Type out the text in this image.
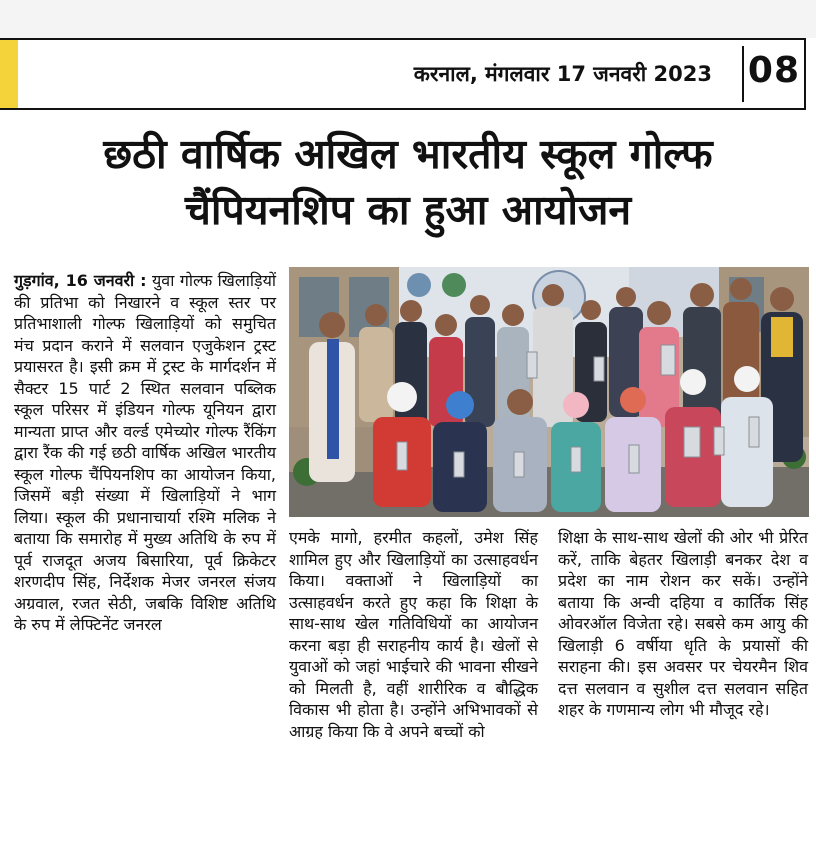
करनाल, मंगलवार 17 जनवरी 2023 08
छठी वार्षिक अखिल भारतीय स्कूल गोल्फ
चैंपियनशिप का हुआ आयोजन
गुड़गांव, 16 जनवरी : युवा गोल्फ खिलाड़ियों की प्रतिभा को निखारने व स्कूल स्तर पर प्रतिभाशाली गोल्फ खिलाड़ियों को समुचित मंच प्रदान कराने में सलवान एजुकेशन ट्रस्ट प्रयासरत है। इसी क्रम में ट्रस्ट के मार्गदर्शन में सैक्टर 15 पार्ट 2 स्थित सलवान पब्लिक स्कूल परिसर में इंडियन गोल्फ यूनियन द्वारा मान्यता प्राप्त और वर्ल्ड एमेच्योर गोल्फ रैंकिंग द्वारा रैंक की गई छठी वार्षिक अखिल भारतीय स्कूल गोल्फ चैंपियनशिप का आयोजन किया, जिसमें बड़ी संख्या में खिलाड़ियों ने भाग लिया। स्कूल की प्रधानाचार्या रश्मि मलिक ने बताया कि समारोह में मुख्य अतिथि के रुप में पूर्व राजदूत अजय बिसारिया, पूर्व क्रिकेटर शरणदीप सिंह, निर्देशक मेजर जनरल संजय अग्रवाल, रजत सेठी, जबकि विशिष्ट अतिथि के रुप में लेफ्टिनेंट जनरल
एमके मागो, हरमीत कहलों, उमेश सिंह शामिल हुए और खिलाड़ियों का उत्साहवर्धन किया। वक्ताओं ने खिलाड़ियों का उत्साहवर्धन करते हुए कहा कि शिक्षा के साथ-साथ खेल गतिविधियों का आयोजन करना बड़ा ही सराहनीय कार्य है। खेलों से युवाओं को जहां भाईचारे की भावना सीखने को मिलती है, वहीं शारीरिक व बौद्धिक विकास भी होता है। उन्होंने अभिभावकों से आग्रह किया कि वे अपने बच्चों को
शिक्षा के साथ-साथ खेलों की ओर भी प्रेरित करें, ताकि बेहतर खिलाड़ी बनकर देश व प्रदेश का नाम रोशन कर सकें। उन्होंने बताया कि अन्वी दहिया व कार्तिक सिंह ओवरऑल विजेता रहे। सबसे कम आयु की खिलाड़ी 6 वर्षीया धृति के प्रयासों की सराहना की। इस अवसर पर चेयरमैन शिव दत्त सलवान व सुशील दत्त सलवान सहित शहर के गणमान्य लोग भी मौजूद रहे।
